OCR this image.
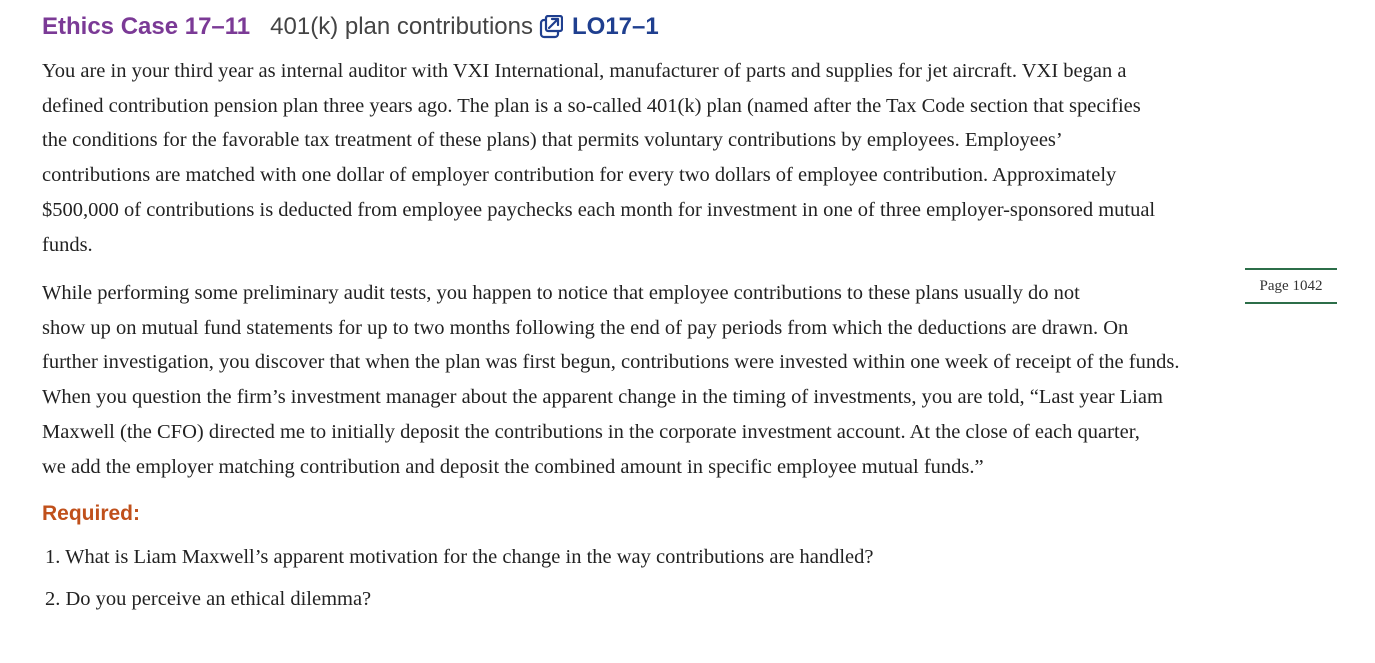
Ethics Case 17–11 401(k) plan contributions LO17–1

You are in your third year as internal auditor with VXI International, manufacturer of parts and supplies for jet aircraft. VXI began a
defined contribution pension plan three years ago. The plan is a so-called 401(k) plan (named after the Tax Code section that specifies
the conditions for the favorable tax treatment of these plans) that permits voluntary contributions by employees. Employees’
contributions are matched with one dollar of employer contribution for every two dollars of employee contribution. Approximately
$500,000 of contributions is deducted from employee paychecks each month for investment in one of three employer-sponsored mutual
funds.

Page 1042

While performing some preliminary audit tests, you happen to notice that employee contributions to these plans usually do not
show up on mutual fund statements for up to two months following the end of pay periods from which the deductions are drawn. On
further investigation, you discover that when the plan was first begun, contributions were invested within one week of receipt of the funds.
When you question the firm’s investment manager about the apparent change in the timing of investments, you are told, “Last year Liam
Maxwell (the CFO) directed me to initially deposit the contributions in the corporate investment account. At the close of each quarter,
we add the employer matching contribution and deposit the combined amount in specific employee mutual funds.”

Required:
1. What is Liam Maxwell’s apparent motivation for the change in the way contributions are handled?
2. Do you perceive an ethical dilemma?
